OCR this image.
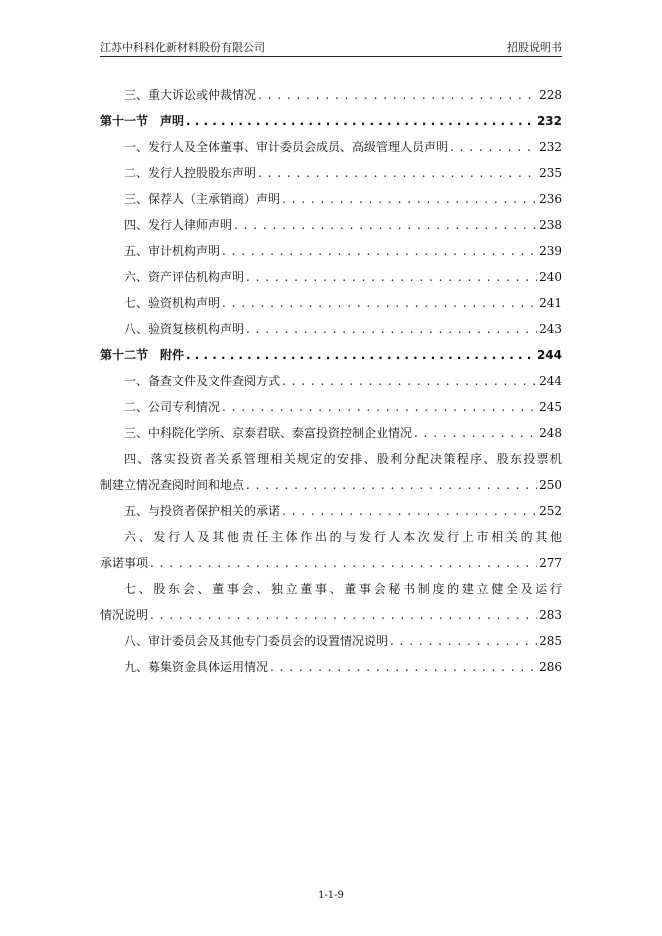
江苏中科科化新材料股份有限公司	招股说明书
三、重大诉讼或仲裁情况 . . .	228
第十一节　声明 . . .	232
一、发行人及全体董事、审计委员会成员、高级管理人员声明 . . .	232
二、发行人控股股东声明 . . .	235
三、保荐人（主承销商）声明 . . .	236
四、发行人律师声明 . . .	238
五、审计机构声明 . . .	239
六、资产评估机构声明 . . .	240
七、验资机构声明 . . .	241
八、验资复核机构声明 . . .	243
第十二节　附件 . . .	244
一、备查文件及文件查阅方式 . . .	244
二、公司专利情况 . . .	245
三、中科院化学所、京泰君联、泰富投资控制企业情况 . . .	248
四、落实投资者关系管理相关规定的安排、股利分配决策程序、股东投票机
制建立情况查阅时间和地点 . . .	250
五、与投资者保护相关的承诺 . . .	252
六、发行人及其他责任主体作出的与发行人本次发行上市相关的其他
承诺事项 . . .	277
七、股东会、董事会、独立董事、董事会秘书制度的建立健全及运行
情况说明 . . .	283
八、审计委员会及其他专门委员会的设置情况说明 . . .	285
九、募集资金具体运用情况 . . .	286
1-1-9
